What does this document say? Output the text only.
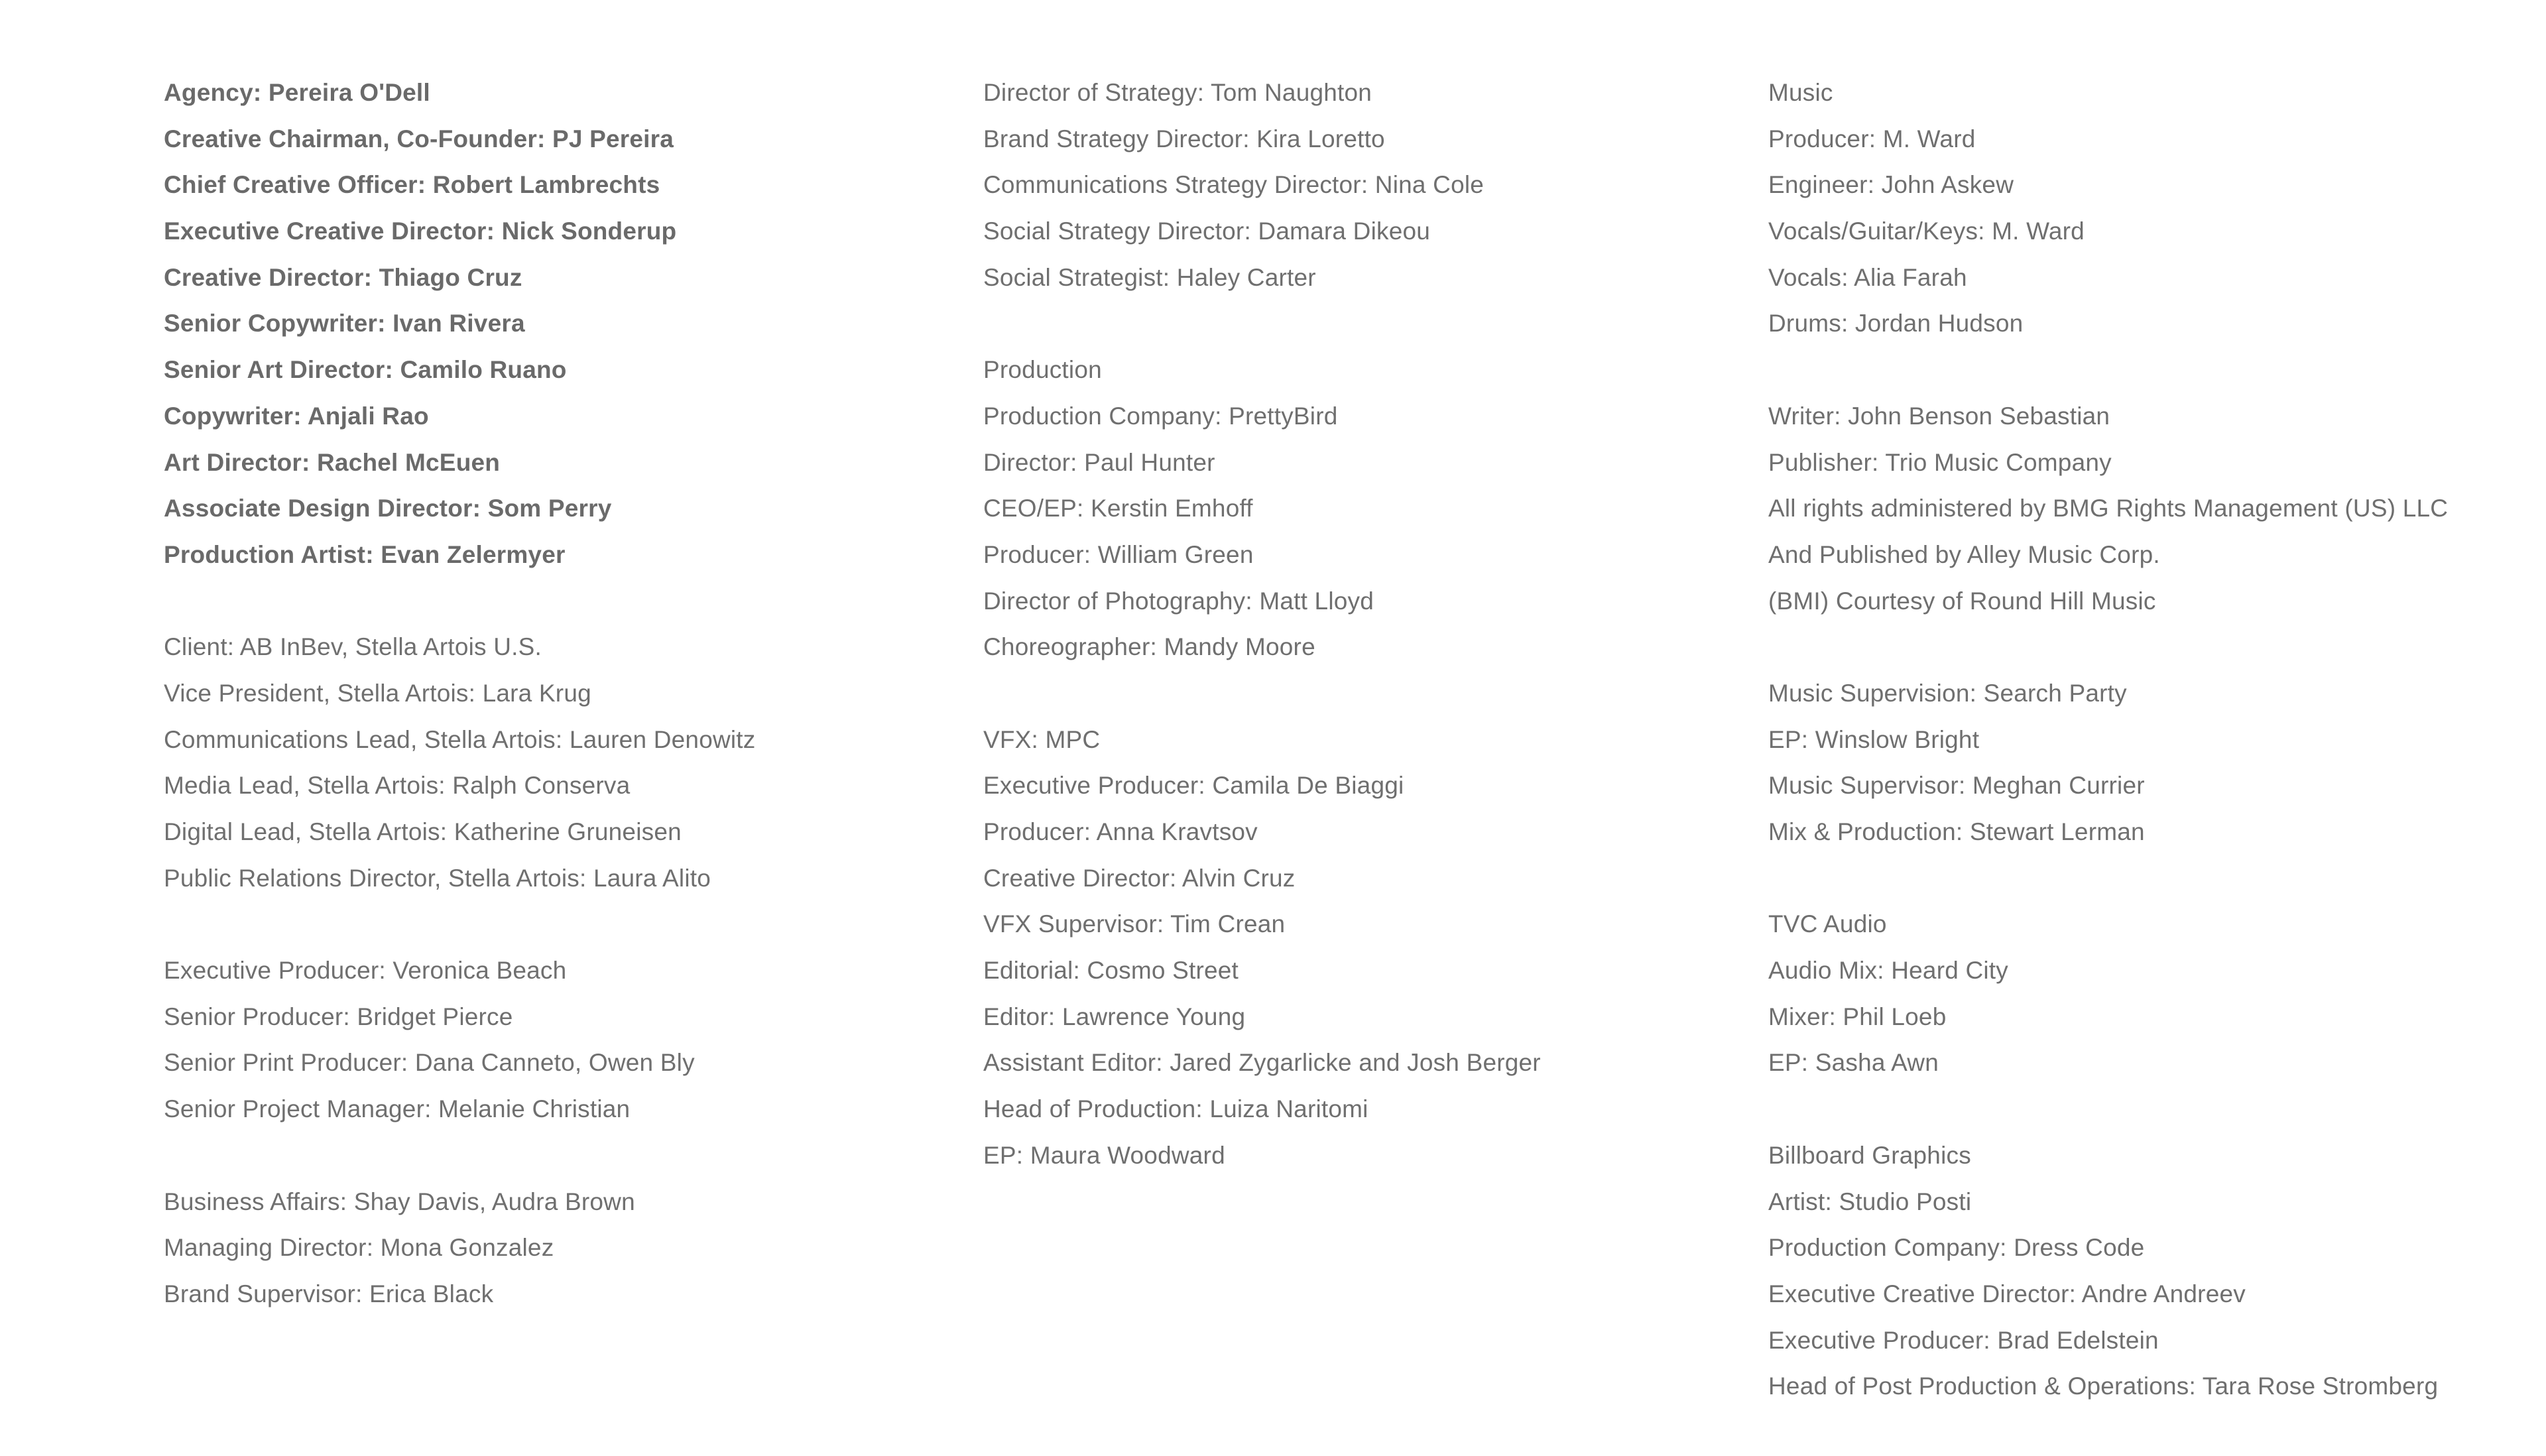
Agency: Pereira O'Dell
Creative Chairman, Co-Founder: PJ Pereira
Chief Creative Officer: Robert Lambrechts
Executive Creative Director: Nick Sonderup
Creative Director: Thiago Cruz
Senior Copywriter: Ivan Rivera
Senior Art Director: Camilo Ruano
Copywriter: Anjali Rao
Art Director: Rachel McEuen
Associate Design Director: Som Perry
Production Artist: Evan Zelermyer
Client: AB InBev, Stella Artois U.S.
Vice President, Stella Artois: Lara Krug
Communications Lead, Stella Artois: Lauren Denowitz
Media Lead, Stella Artois: Ralph Conserva
Digital Lead, Stella Artois: Katherine Gruneisen
Public Relations Director, Stella Artois: Laura Alito
Executive Producer: Veronica Beach
Senior Producer: Bridget Pierce
Senior Print Producer: Dana Canneto, Owen Bly
Senior Project Manager: Melanie Christian
Business Affairs: Shay Davis, Audra Brown
Managing Director: Mona Gonzalez
Brand Supervisor: Erica Black
Director of Strategy: Tom Naughton
Brand Strategy Director: Kira Loretto
Communications Strategy Director: Nina Cole
Social Strategy Director: Damara Dikeou
Social Strategist: Haley Carter
Production
Production Company: PrettyBird
Director: Paul Hunter
CEO/EP: Kerstin Emhoff
Producer: William Green
Director of Photography: Matt Lloyd
Choreographer: Mandy Moore
VFX: MPC
Executive Producer: Camila De Biaggi
Producer: Anna Kravtsov
Creative Director: Alvin Cruz
VFX Supervisor: Tim Crean
Editorial: Cosmo Street
Editor: Lawrence Young
Assistant Editor: Jared Zygarlicke and Josh Berger
Head of Production: Luiza Naritomi
EP: Maura Woodward
Music
Producer: M. Ward
Engineer: John Askew
Vocals/Guitar/Keys: M. Ward
Vocals: Alia Farah
Drums: Jordan Hudson
Writer: John Benson Sebastian
Publisher: Trio Music Company
All rights administered by BMG Rights Management (US) LLC
And Published by Alley Music Corp.
(BMI) Courtesy of Round Hill Music
Music Supervision: Search Party
EP: Winslow Bright
Music Supervisor: Meghan Currier
Mix & Production: Stewart Lerman
TVC Audio
Audio Mix: Heard City
Mixer: Phil Loeb
EP: Sasha Awn
Billboard Graphics
Artist: Studio Posti
Production Company: Dress Code
Executive Creative Director: Andre Andreev
Executive Producer: Brad Edelstein
Head of Post Production & Operations: Tara Rose Stromberg
